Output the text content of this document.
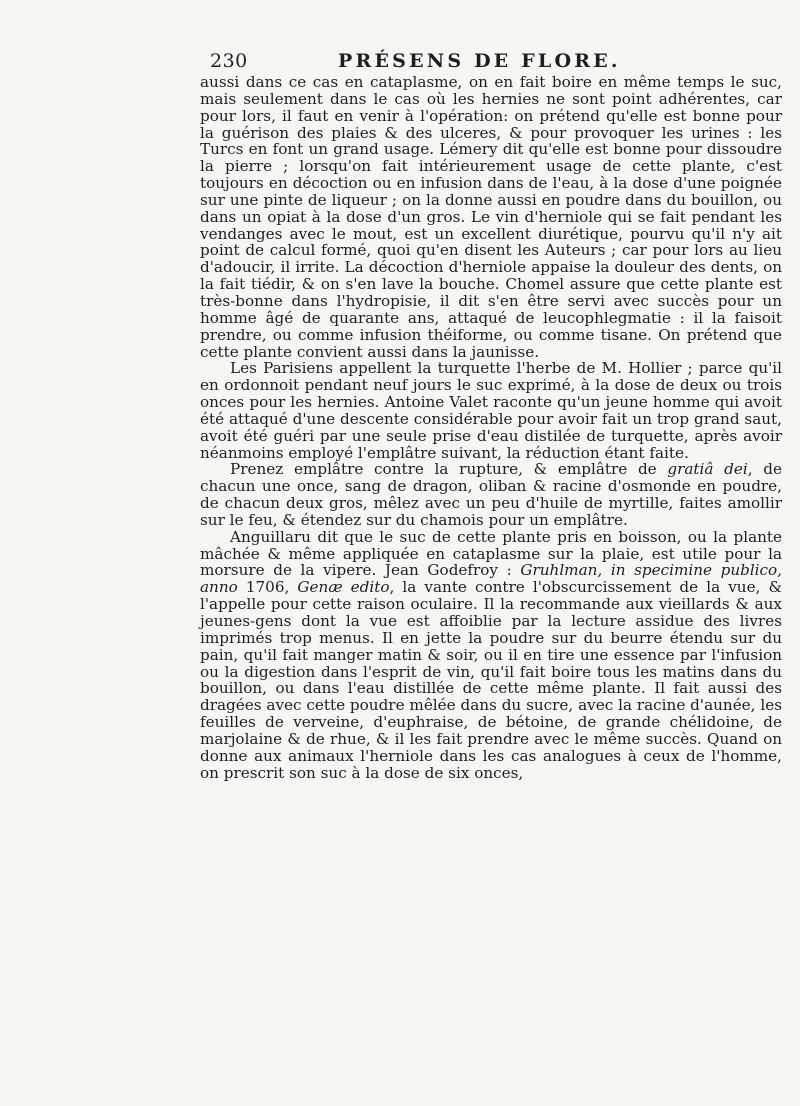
230	PRÉSENS DE FLORE.

aussi dans ce cas en cataplasme, on en fait boire en même temps le suc, mais seulement dans le cas où les hernies ne sont point adhérentes, car pour lors, il faut en venir à l'opération: on prétend qu'elle est bonne pour la guérison des plaies & des ulceres, & pour provoquer les urines : les Turcs en font un grand usage. Lémery dit qu'elle est bonne pour dissoudre la pierre ; lorsqu'on fait intérieurement usage de cette plante, c'est toujours en décoction ou en infusion dans de l'eau, à la dose d'une poignée sur une pinte de liqueur ; on la donne aussi en poudre dans du bouillon, ou dans un opiat à la dose d'un gros. Le vin d'herniole qui se fait pendant les vendanges avec le mout, est un excellent diurétique, pourvu qu'il n'y ait point de calcul formé, quoi qu'en disent les Auteurs ; car pour lors au lieu d'adoucir, il irrite. La décoction d'herniole appaise la douleur des dents, on la fait tiédir, & on s'en lave la bouche. Chomel assure que cette plante est très-bonne dans l'hydropisie, il dit s'en être servi avec succès pour un homme âgé de quarante ans, attaqué de leucophlegmatie : il la faisoit prendre, ou comme infusion théiforme, ou comme tisane. On prétend que cette plante convient aussi dans la jaunisse.

Les Parisiens appellent la turquette l'herbe de M. Hollier ; parce qu'il en ordonnoit pendant neuf jours le suc exprimé, à la dose de deux ou trois onces pour les hernies. Antoine Valet raconte qu'un jeune homme qui avoit été attaqué d'une descente considérable pour avoir fait un trop grand saut, avoit été guéri par une seule prise d'eau distilée de turquette, après avoir néanmoins employé l'emplâtre suivant, la réduction étant faite.

Prenez emplâtre contre la rupture, & emplâtre de gratiâ dei, de chacun une once, sang de dragon, oliban & racine d'osmonde en poudre, de chacun deux gros, mêlez avec un peu d'huile de myrtille, faites amollir sur le feu, & étendez sur du chamois pour un emplâtre.

Anguillaru dit que le suc de cette plante pris en boisson, ou la plante mâchée & même appliquée en cataplasme sur la plaie, est utile pour la morsure de la vipere. Jean Godefroy : Gruhlman, in specimine publico, anno 1706, Genæ edito, la vante contre l'obscurcissement de la vue, & l'appelle pour cette raison oculaire. Il la recommande aux vieillards & aux jeunes-gens dont la vue est affoiblie par la lecture assidue des livres imprimés trop menus. Il en jette la poudre sur du beurre étendu sur du pain, qu'il fait manger matin & soir, ou il en tire une essence par l'infusion ou la digestion dans l'esprit de vin, qu'il fait boire tous les matins dans du bouillon, ou dans l'eau distillée de cette même plante. Il fait aussi des dragées avec cette poudre mêlée dans du sucre, avec la racine d'aunée, les feuilles de verveine, d'euphraise, de bétoine, de grande chélidoine, de marjolaine & de rhue, & il les fait prendre avec le même succès. Quand on donne aux animaux l'herniole dans les cas analogues à ceux de l'homme, on prescrit son suc à la dose de six onces,
